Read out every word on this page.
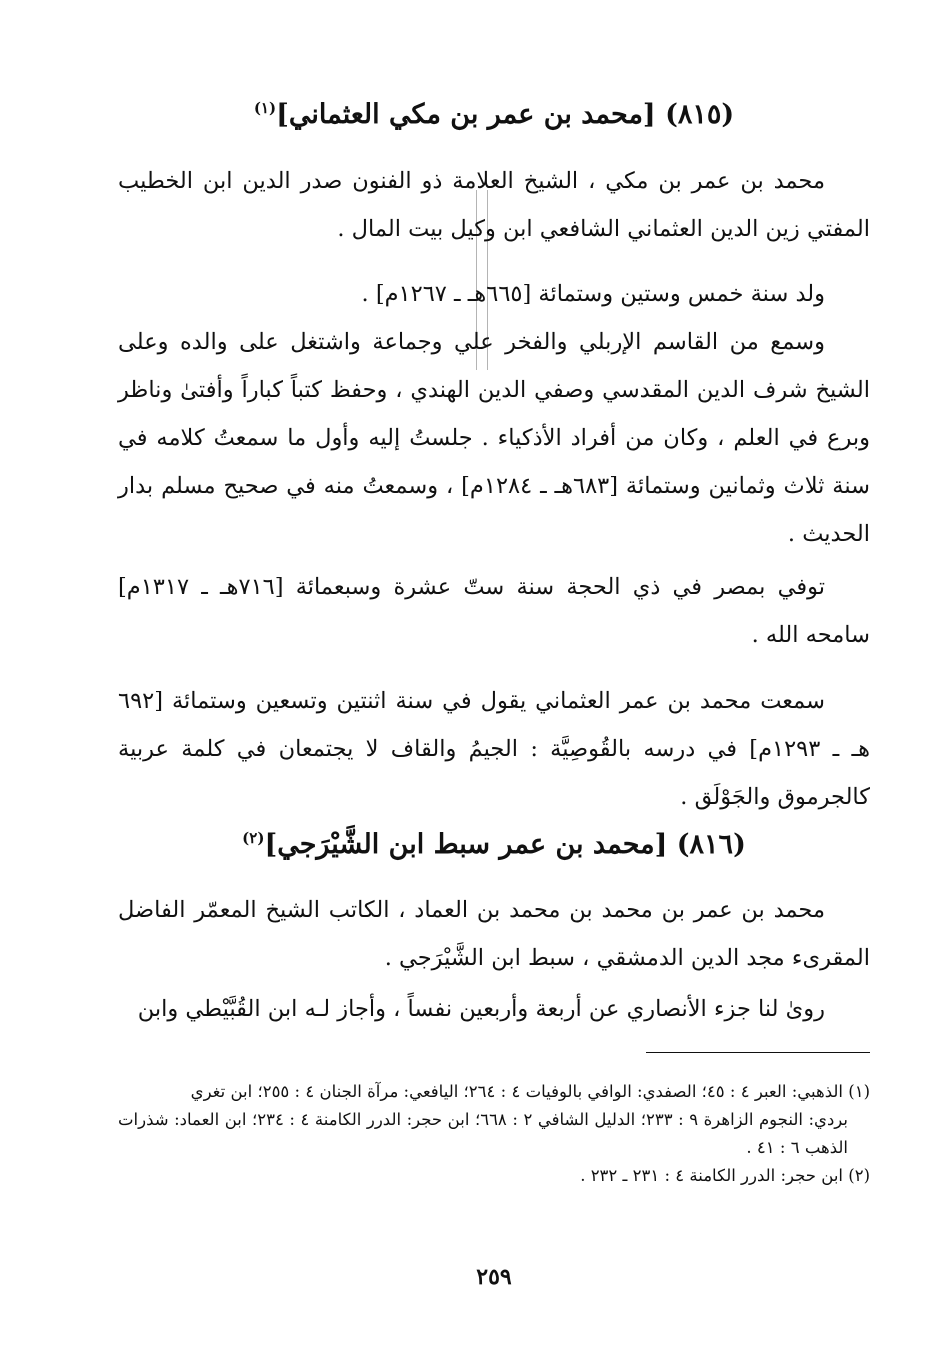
(٨١٥) [محمد بن عمر بن مكي العثماني]$^{(١)}$

محمد بن عمر بن مكي ، الشيخ العلامة ذو الفنون صدر الدين ابن الخطيب المفتي زين الدين العثماني الشافعي ابن وكيل بيت المال .

ولد سنة خمس وستين وستمائة [٦٦٥هـ ـ ١٢٦٧م] .

وسمع من القاسم الإربلي والفخر علي وجماعة واشتغل على والده وعلى الشيخ شرف الدين المقدسي وصفي الدين الهندي ، وحفظ كتباً كباراً وأفتىٰ وناظر وبرع في العلم ، وكان من أفراد الأذكياء . جلستُ إليه وأول ما سمعتُ كلامه في سنة ثلاث وثمانين وستمائة [٦٨٣هـ ـ ١٢٨٤م] ، وسمعتُ منه في صحيح مسلم بدار الحديث .

توفي بمصر في ذي الحجة سنة ستّ عشرة وسبعمائة [٧١٦هـ ـ ١٣١٧م] سامحه الله .

سمعت محمد بن عمر العثماني يقول في سنة اثنتين وتسعين وستمائة [٦٩٢ هـ ـ ١٢٩٣م] في درسه بالقُوصِيَّة : الجيمُ والقاف لا يجتمعان في كلمة عربية كالجرموق والجَوْلَق .

(٨١٦) [محمد بن عمر سبط ابن الشَّيْرَجي]$^{(٢)}$

محمد بن عمر بن محمد بن محمد بن العماد ، الكاتب الشيخ المعمّر الفاضل المقرىء مجد الدين الدمشقي ، سبط ابن الشَّيْرَجي .

روىٰ لنا جزء الأنصاري عن أربعة وأربعين نفساً ، وأجاز لـه ابن القُبَّيْطي وابن

(١) الذهبي: العبر ٤ : ٤٥؛ الصفدي: الوافي بالوفيات ٤ : ٢٦٤؛ اليافعي: مرآة الجنان ٤ : ٢٥٥؛ ابن تغري
بردي: النجوم الزاهرة ٩ : ٢٣٣؛ الدليل الشافي ٢ : ٦٦٨؛ ابن حجر: الدرر الكامنة ٤ : ٢٣٤؛ ابن العماد: شذرات الذهب ٦ : ٤١ .
(٢) ابن حجر: الدرر الكامنة ٤ : ٢٣١ ـ ٢٣٢ .
٢٥٩
